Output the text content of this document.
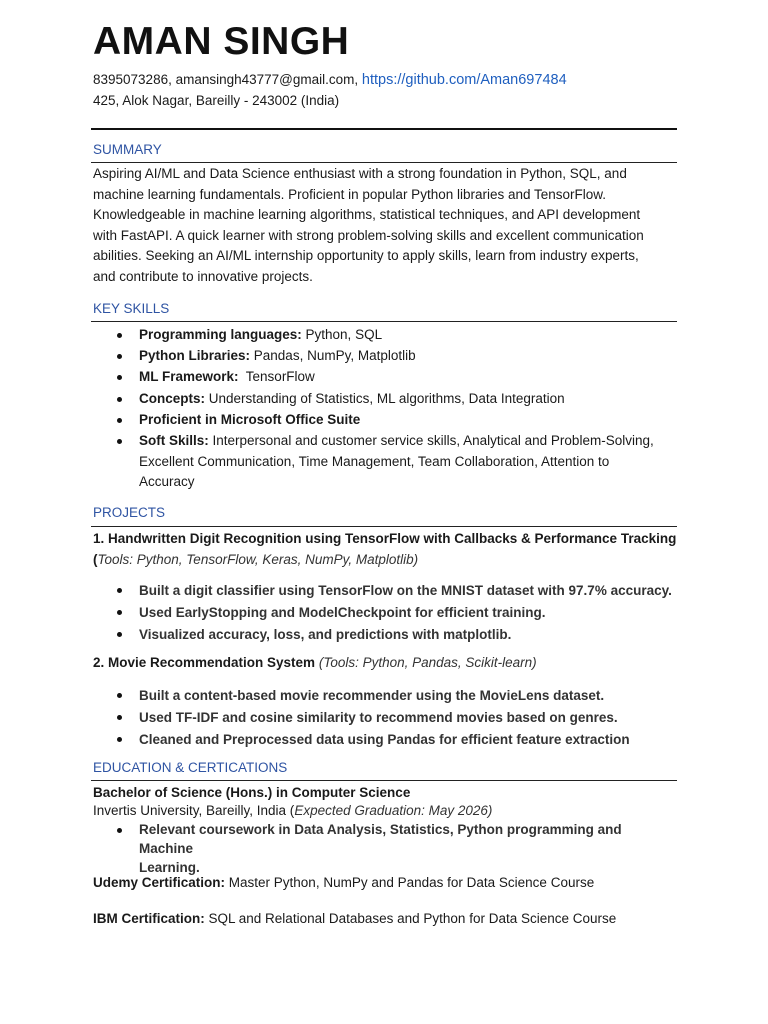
AMAN SINGH
8395073286, amansingh43777@gmail.com, https://github.com/Aman697484
425, Alok Nagar, Bareilly - 243002 (India)
SUMMARY
Aspiring AI/ML and Data Science enthusiast with a strong foundation in Python, SQL, and
machine learning fundamentals. Proficient in popular Python libraries and TensorFlow.
Knowledgeable in machine learning algorithms, statistical techniques, and API development
with FastAPI. A quick learner with strong problem-solving skills and excellent communication
abilities. Seeking an AI/ML internship opportunity to apply skills, learn from industry experts,
and contribute to innovative projects.
KEY SKILLS
Programming languages: Python, SQL
Python Libraries: Pandas, NumPy, Matplotlib
ML Framework:  TensorFlow
Concepts: Understanding of Statistics, ML algorithms, Data Integration
Proficient in Microsoft Office Suite
Soft Skills: Interpersonal and customer service skills, Analytical and Problem-Solving,
Excellent Communication, Time Management, Team Collaboration, Attention to
Accuracy
PROJECTS
1. Handwritten Digit Recognition using TensorFlow with Callbacks & Performance Tracking
(Tools: Python, TensorFlow, Keras, NumPy, Matplotlib)
Built a digit classifier using TensorFlow on the MNIST dataset with 97.7% accuracy.
Used EarlyStopping and ModelCheckpoint for efficient training.
Visualized accuracy, loss, and predictions with matplotlib.
2. Movie Recommendation System (Tools: Python, Pandas, Scikit-learn)
Built a content-based movie recommender using the MovieLens dataset.
Used TF-IDF and cosine similarity to recommend movies based on genres.
Cleaned and Preprocessed data using Pandas for efficient feature extraction
EDUCATION & CERTICATIONS
Bachelor of Science (Hons.) in Computer Science
Invertis University, Bareilly, India (Expected Graduation: May 2026)
Relevant coursework in Data Analysis, Statistics, Python programming and Machine
Learning.
Udemy Certification: Master Python, NumPy and Pandas for Data Science Course
IBM Certification: SQL and Relational Databases and Python for Data Science Course
